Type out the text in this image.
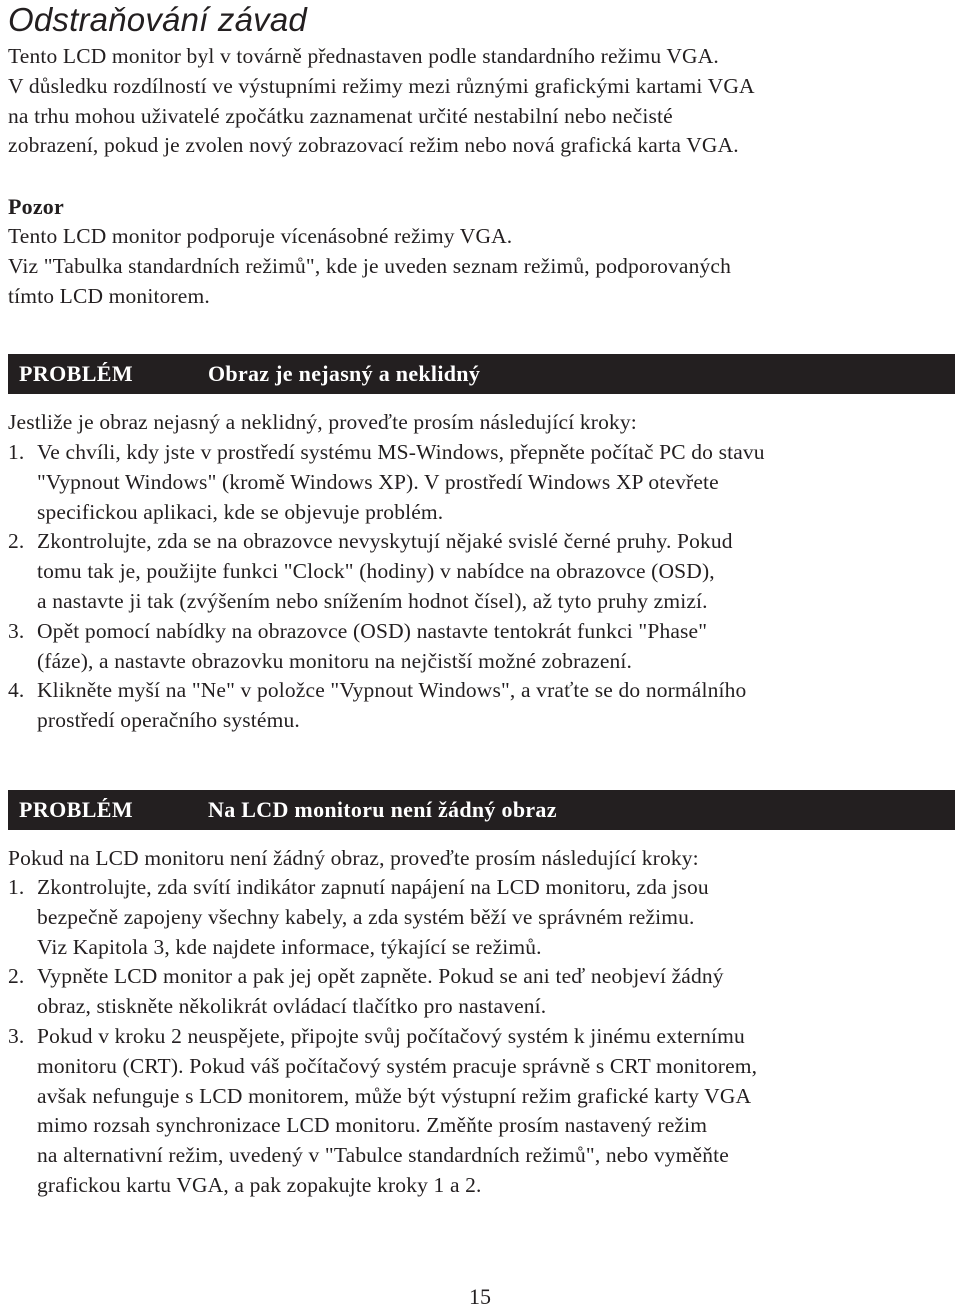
Odstraňování závad
Tento LCD monitor byl v továrně přednastaven podle standardního režimu VGA.
V důsledku rozdílností ve výstupními režimy mezi různými grafickými kartami VGA
na trhu mohou uživatelé zpočátku zaznamenat určité nestabilní nebo nečisté
zobrazení, pokud je zvolen nový zobrazovací režim nebo nová grafická karta VGA.
Pozor
Tento LCD monitor podporuje vícenásobné režimy VGA.
Viz "Tabulka standardních režimů", kde je uveden seznam režimů, podporovaných
tímto LCD monitorem.
PROBLÉM	Obraz je nejasný a neklidný
Jestliže je obraz nejasný a neklidný, proveďte prosím následující kroky:
1. Ve chvíli, kdy jste v prostředí systému MS-Windows, přepněte počítač PC do stavu
"Vypnout Windows" (kromě Windows XP). V prostředí Windows XP otevřete
specifickou aplikaci, kde se objevuje problém.
2. Zkontrolujte, zda se na obrazovce nevyskytují nějaké svislé černé pruhy. Pokud
tomu tak je, použijte funkci "Clock" (hodiny) v nabídce na obrazovce (OSD),
a nastavte ji tak (zvýšením nebo snížením hodnot čísel), až tyto pruhy zmizí.
3. Opět pomocí nabídky na obrazovce (OSD) nastavte tentokrát funkci "Phase"
(fáze), a nastavte obrazovku monitoru na nejčistší možné zobrazení.
4. Klikněte myší na "Ne" v položce "Vypnout Windows", a vraťte se do normálního
prostředí operačního systému.
PROBLÉM	Na LCD monitoru není žádný obraz
Pokud na LCD monitoru není žádný obraz, proveďte prosím následující kroky:
1. Zkontrolujte, zda svítí indikátor zapnutí napájení na LCD monitoru, zda jsou
bezpečně zapojeny všechny kabely, a zda systém běží ve správném režimu.
Viz Kapitola 3, kde najdete informace, týkající se režimů.
2. Vypněte LCD monitor a pak jej opět zapněte. Pokud se ani teď neobjeví žádný
obraz, stiskněte několikrát ovládací tlačítko pro nastavení.
3. Pokud v kroku 2 neuspějete, připojte svůj počítačový systém k jinému externímu
monitoru (CRT). Pokud váš počítačový systém pracuje správně s CRT monitorem,
avšak nefunguje s LCD monitorem, může být výstupní režim grafické karty VGA
mimo rozsah synchronizace LCD monitoru. Změňte prosím nastavený režim
na alternativní režim, uvedený v "Tabulce standardních režimů", nebo vyměňte
grafickou kartu VGA, a pak zopakujte kroky 1 a 2.
15
